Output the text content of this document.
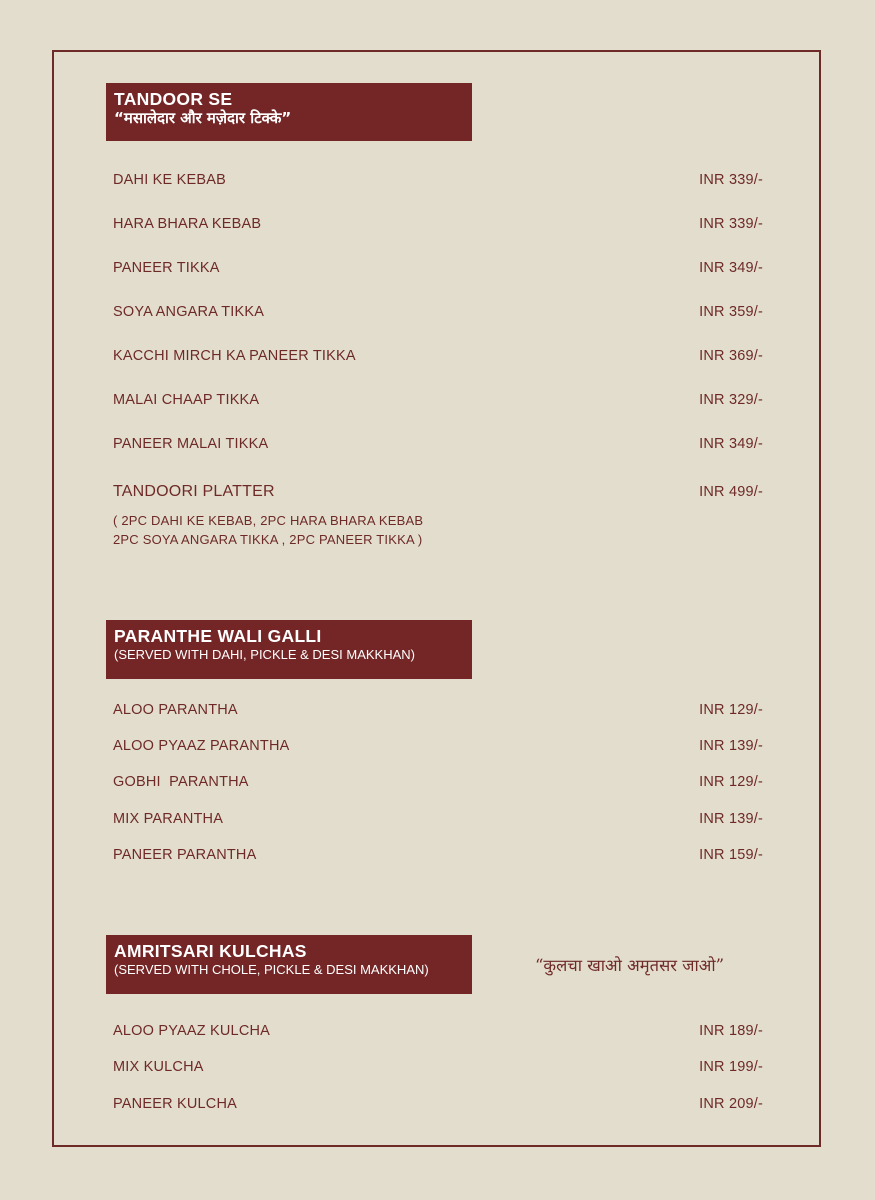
TANDOOR SE
“मसालेदार और मज़ेदार टिक्के”
DAHI KE KEBAB	INR 339/-
HARA BHARA KEBAB	INR 339/-
PANEER TIKKA	INR 349/-
SOYA ANGARA TIKKA	INR 359/-
KACCHI MIRCH KA PANEER TIKKA	INR 369/-
MALAI CHAAP TIKKA	INR 329/-
PANEER MALAI TIKKA	INR 349/-
TANDOORI PLATTER	INR 499/-
( 2PC DAHI KE KEBAB, 2PC HARA BHARA KEBAB
2PC SOYA ANGARA TIKKA , 2PC PANEER TIKKA )
PARANTHE WALI GALLI
(SERVED WITH DAHI, PICKLE & DESI MAKKHAN)
ALOO PARANTHA	INR 129/-
ALOO PYAAZ PARANTHA	INR 139/-
GOBHI  PARANTHA	INR 129/-
MIX PARANTHA	INR 139/-
PANEER PARANTHA	INR 159/-
AMRITSARI KULCHAS
(SERVED WITH CHOLE, PICKLE & DESI MAKKHAN)	“कुलचा खाओ अमृतसर जाओ”
ALOO PYAAZ KULCHA	INR 189/-
MIX KULCHA	INR 199/-
PANEER KULCHA	INR 209/-
